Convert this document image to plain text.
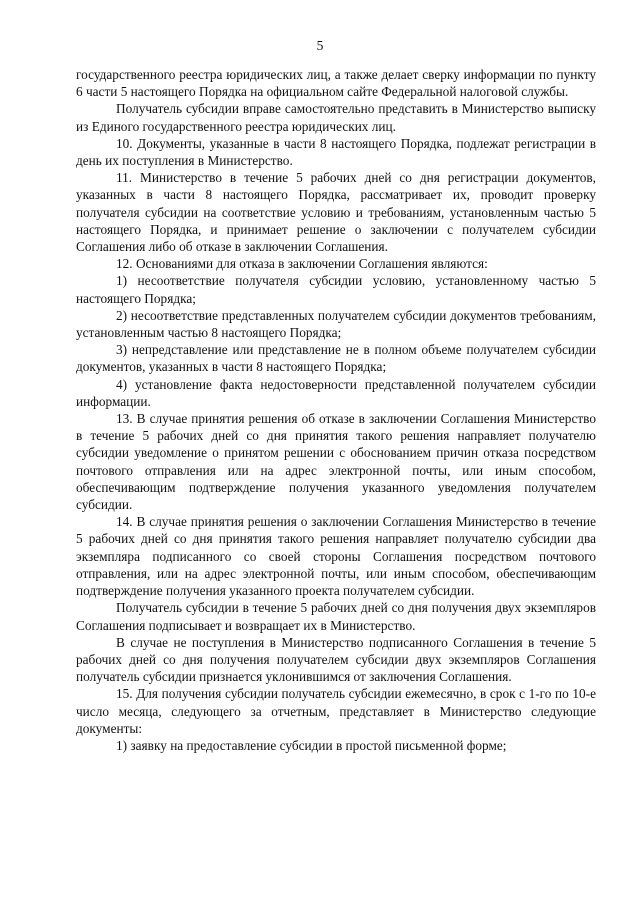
5

государственного реестра юридических лиц, а также делает сверку информации по пункту 6 части 5 настоящего Порядка на официальном сайте Федеральной налоговой службы.

Получатель субсидии вправе самостоятельно представить в Министерство выписку из Единого государственного реестра юридических лиц.

10. Документы, указанные в части 8 настоящего Порядка, подлежат регистрации в день их поступления в Министерство.

11. Министерство в течение 5 рабочих дней со дня регистрации документов, указанных в части 8 настоящего Порядка, рассматривает их, проводит проверку получателя субсидии на соответствие условию и требованиям, установленным частью 5 настоящего Порядка, и принимает решение о заключении с получателем субсидии Соглашения либо об отказе в заключении Соглашения.

12. Основаниями для отказа в заключении Соглашения являются:

1) несоответствие получателя субсидии условию, установленному частью 5 настоящего Порядка;

2) несоответствие представленных получателем субсидии документов требованиям, установленным частью 8 настоящего Порядка;

3) непредставление или представление не в полном объеме получателем субсидии документов, указанных в части 8 настоящего Порядка;

4) установление факта недостоверности представленной получателем субсидии информации.

13. В случае принятия решения об отказе в заключении Соглашения Министерство в течение 5 рабочих дней со дня принятия такого решения направляет получателю субсидии уведомление о принятом решении с обоснованием причин отказа посредством почтового отправления или на адрес электронной почты, или иным способом, обеспечивающим подтверждение получения указанного уведомления получателем субсидии.

14. В случае принятия решения о заключении Соглашения Министерство в течение 5 рабочих дней со дня принятия такого решения направляет получателю субсидии два экземпляра подписанного со своей стороны Соглашения посредством почтового отправления, или на адрес электронной почты, или иным способом, обеспечивающим подтверждение получения указанного проекта получателем субсидии.

Получатель субсидии в течение 5 рабочих дней со дня получения двух экземпляров Соглашения подписывает и возвращает их в Министерство.

В случае не поступления в Министерство подписанного Соглашения в течение 5 рабочих дней со дня получения получателем субсидии двух экземпляров Соглашения получатель субсидии признается уклонившимся от заключения Соглашения.

15. Для получения субсидии получатель субсидии ежемесячно, в срок с 1-го по 10-е число месяца, следующего за отчетным, представляет в Министерство следующие документы:

1) заявку на предоставление субсидии в простой письменной форме;
